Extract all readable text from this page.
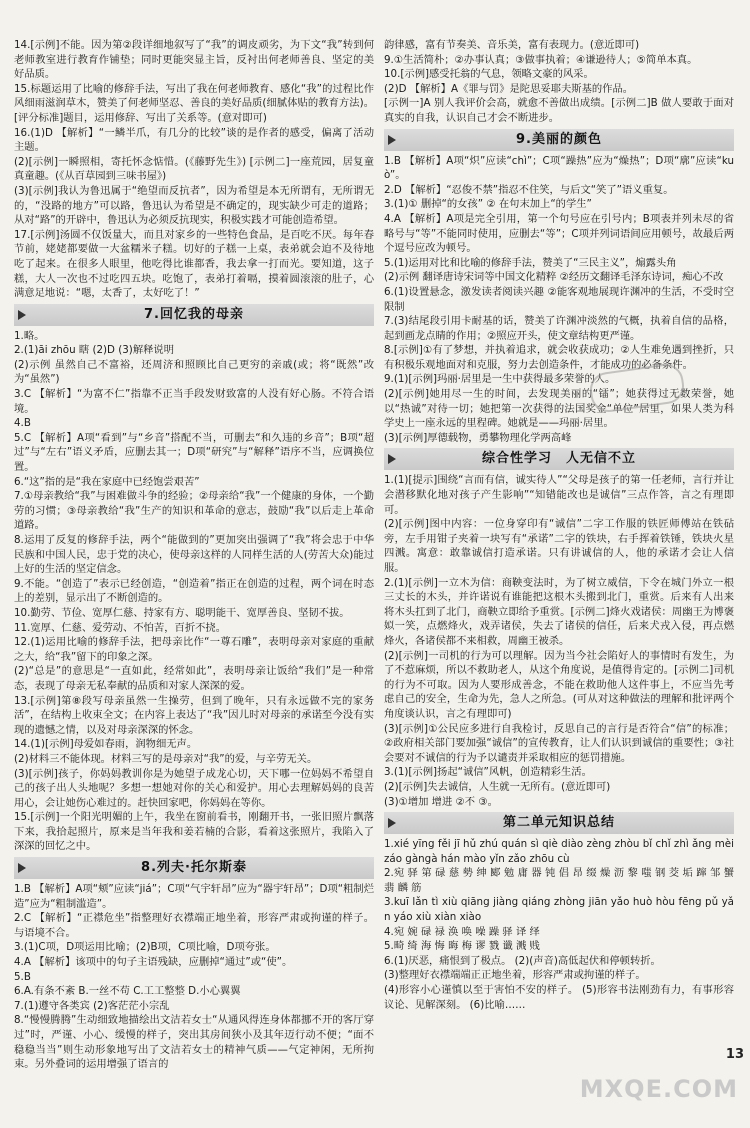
14.[示例]不能。因为第②段详细地叙写了“我”的调皮顽劣，为下文“我”转到何老师教室进行教育作铺垫；同时更能突显主旨，反衬出何老师善良、坚定的美好品质。

15.标题运用了比喻的修辞手法，写出了我在何老师教育、感化“我”的过程比作风细雨滋润草木，赞美了何老师坚忍、善良的美好品质(细腻体贴的教育方法)。[评分标准]题目，运用修辞、写出了关系等。(意对即可)

16.(1)D 【解析】“一鳞半爪，有几分的比较”谈的是作者的感受，偏离了活动主题。

(2)[示例]一瞬照相，寄托怀念惦惜。(《藤野先生》) [示例二]一座荒园，居复童真童趣。(《从百草园到三味书屋》)

(3)[示例]我认为鲁迅属于“绝望而反抗者”，因为希望是本无所谓有，无所谓无的，“没路的地方”可以路，鲁迅认为希望是不确定的，现实缺少可走的道路；从对“路”的开辟中，鲁迅认为必须反抗现实，积极实践才可能创造希望。

17.[示例]汤圆不仅饭量大，而且对家乡的一些特色食品，是百吃不厌。每年春节前，姥姥都要做一大盆糯米子糕。切好的子糕一上桌，表弟就会迫不及待地吃了起来。在很多人眼里，他吃得比谁都香，我去拿一打而光。要知道，这子糕，大人一次也不过吃四五块。吃饱了，表弟打着嗝，摸着圆滚滚的肚子，心满意足地说：“嗯，太香了，太好吃了！”

7.回忆我的母亲

1.略。

2.(1)āi zhōu 瞎 (2)D (3)解释说明

(2)示例 虽然自己不富裕，还周济和照顾比自己更穷的亲戚(或；将“既然”改为“虽然”)

3.C 【解析】“为富不仁”指靠不正当手段发财致富的人没有好心肠。不符合语境。

4.B

5.C 【解析】A项“看到”与“乡音”搭配不当，可删去“和久违的乡音”；B项“超过”与“左右”语义矛盾，应删去其一；D项“研究”与“解释”语序不当，应调换位置。

6.“这”指的是“我在家庭中已经饱尝艰苦”

7.①母亲教给“我”与困难做斗争的经验；②母亲给“我”一个健康的身体，一个勤劳的习惯；③母亲教给“我”生产的知识和革命的意志，鼓励“我”以后走上革命道路。

8.运用了反复的修辞手法，两个“能做到的”更加突出强调了“我”将会忠于中华民族和中国人民，忠于党的决心，使母亲这样的人同样生活的人(劳苦大众)能过上好的生活的坚定信念。

9.不能。“创造了”表示已经创造，“创造着”指正在创造的过程，两个词在时态上的差别，显示出了不断创造的。

10.勤劳、节俭、宽厚仁慈、持家有方、聪明能干、宽厚善良、坚韧不拔。

11.宽厚、仁慈、爱劳动、不怕苦，百折不挠。

12.(1)运用比喻的修辞手法，把母亲比作“一尊石雕”，表明母亲对家庭的重献之大，给“我”留下的印象之深。

(2)“总是”的意思是“一直如此，经常如此”，表明母亲让饭给“我们”是一种常态，表现了母亲无私奉献的品质和对家人深深的爱。

13.[示例]第⑧段写母亲虽然一生操劳，但到了晚年，只有永远做不完的家务活”，在结构上收束全文；在内容上表达了“我”因儿时对母亲的承诺至今没有实现的遗憾之情，以及对母亲深深的怀念。

14.(1)[示例]母爱如春雨，润物细无声。

(2)材料三不能体现。材料三写的是母亲对“我”的爱，与辛劳无关。

(3)[示例]孩子，你妈妈教训你是为她望子成龙心切，天下哪一位妈妈不希望自己的孩子出人头地呢？多想一想她对你的关心和爱护。用心去理解妈妈的良苦用心，会让她伤心难过的。赶快回家吧，你妈妈在等你。

15.[示例]一个阳光明媚的上午，我坐在窗前看书，刚翻开书，一张旧照片飘落下来，我拾起照片，原来是当年我和姜若楠的合影，看着这张照片，我陷入了深深的回忆之中。

8.列夫·托尔斯泰

1.B 【解析】A项“颊”应读“jiá”；C项“气宇轩昂”应为“器宇轩昂”；D项“粗制烂造”应为“粗制滥造”。

2.C 【解析】“正襟危坐”指整理好衣襟端正地坐着，形容严肃或拘谨的样子。与语境不合。

3.(1)C项，D项运用比喻；(2)B项，C项比喻，D项夸张。

4.A 【解析】该项中的句子主语残缺，应删掉“通过”或“使”。

5.B

6.A.有条不紊 B.一丝不苟 C.工工整整 D.小心翼翼

7.(1)遵守各类宾 (2)客茫茫小宗乱

8.“慢慢腾腾”生动细致地描绘出文洁若女士“从通风得连身体都挪不开的客厅穿过”时，严谨、小心、缓慢的样子，突出其房间狭小及其年迈行动不便；“面不稳稳当当”则生动形象地写出了文洁若女士的精神气质——气定神闲，无所拘束。另外叠词的运用增强了语言的

韵律感，富有节奏美、音乐美，富有表现力。(意近即可)

9.①生活简朴；②办事认真；③做事执着；④谦逊待人；⑤简单本真。

10.[示例]感受托翁的气息，领略文豪的风采。

(2)D 【解析】A《罪与罚》是陀思妥耶夫斯基的作品。

[示例一]A 别人我评价会高，就愈不善做出成绩。[示例二]B 做人要敢于面对真实的自我，认识自己才会不断进步。

9.美丽的颜色

1.B 【解析】A项“炽”应读“chì”；C项“躁热”应为“燥热”；D项“廓”应读“kuò”。

2.D 【解析】“忍俊不禁”指忍不住笑，与后文“笑了”语义重复。

3.(1)① 删掉“的女孩” ② 在句末加上“的学生”

4.A 【解析】A项是完全引用，第一个句号应在引号内；B项表并列未尽的省略号与“等”不能同时使用，应删去“等”；C项并列词语间应用顿号，故最后两个逗号应改为顿号。

5.(1)运用对比和比喻的修辞手法，赞美了“三民主义”，煽露头角

(2)示例 翻译唐诗宋词等中国文化精粹 ②经历文翻译毛泽东诗词，痴心不改

6.(1)设置悬念，激发读者阅读兴趣 ②能客观地展现许渊冲的生活，不受时空限制

7.(3)结尾段引用卡耐基的话，赞美了许渊冲淡然的气概，执着自信的品格，起到画龙点睛的作用；②照应开头，使文章结构更严谨。

8.[示例]①有了梦想，并执着追求，就会收获成功；②人生难免遇到挫折，只有积极乐观地面对和克服，努力去创造条件，才能成功的必备条件。

9.(1)[示例]玛丽·居里是一生中获得最多荣誉的人。

(2)[示例]她用尽一生的时间，去发现美丽的“镭”；她获得过无数荣誉，她以“热诚”对待一切；她把第一次获得的法国奖金“单位”居里，如果人类为科学史上一座永远的里程碑。她就是——玛丽·居里。

(3)[示例]厚德载物，勇攀物理化学两高峰

综合性学习　人无信不立

1.(1)[提示]围绕“言而有信，诚实待人”“父母是孩子的第一任老师，言行并让会潜移默化地对孩子产生影响”“知错能改也是诚信”三点作答，言之有理即可。

(2)[示例]图中内容：一位身穿印有“诚信”二字工作服的铁匠师傅站在铁砧旁，左手用钳子夹着一块写有“承诺”二字的铁块，右手挥着铁锤，铁块火星四溅。寓意：敢靠诚信打造承诺。只有讲诚信的人，他的承诺才会让人信服。

2.(1)[示例]一立木为信：商鞅变法时，为了树立威信，下令在城门外立一根三丈长的木头，并许诺说有谁能把这根木头搬到北门，重赏。后来有人出来将木头扛到了北门，商鞅立即给予重赏。[示例二]烽火戏诸侯：周幽王为博褒姒一笑，点燃烽火，戏弄诸侯，失去了诸侯的信任，后来犬戎入侵，再点燃烽火，各诸侯都不来相救，周幽王被杀。

(2)[示例]一司机的行为可以理解。因为当今社会陷好人的事情时有发生，为了不惹麻烦，所以不救助老人，从这个角度说，是值得肯定的。[示例二]司机的行为不可取。因为人要形成善念，不能在救助他人这件事上，不应当先考虑自己的安全，生命为先，急人之所急。(可从对这种做法的理解和批评两个角度谈认识，言之有理即可)

(3)[示例]①公民应多进行自我检讨，反思自己的言行是否符合“信”的标准；②政府相关部门要加强“诚信”的宣传教育，让人们认识到诚信的重要性；③社会要对不诚信的行为予以谴责并采取相应的惩罚措施。

3.(1)[示例]扬起“诚信”风帆，创造精彩生活。

(2)[示例]失去诚信，人生就一无所有。(意近即可)

(3)①增加 增进 ②不 ③。

第二单元知识总结

1.xié yīng fěi jī hǔ zhú quán sì qiè diào zèng zhòu bǐ chǐ zhì ǎng mèi záo gàngà hán mào yǐn zǎo zhōu cù

2.宛 驿 第 碌 慈 勢 绅 郾 勉 庸 器 钝 倡 昂 缀 燥 沥 黎 嗤 钢 茭 垢 蹿 邹 蟹 翡 麟 筋

3.kuī lǎn tì xiù qiāng jiàng qiáng zhòng jiān yǎo huò hòu fēng pǔ yǎn yáo xiù xiàn xiào

4.宛 婉 碌 禄 涣 唤 噪 躁 驿 译 绎

5.畸 绮 海 悔 晦 梅 谬 戮 谶 溅 贱

6.(1)厌恶，痛恨到了极点。 (2)(声音)高低起伏和停顿转折。

(3)整理好衣襟端端正正地坐着，形容严肃或拘谨的样子。

(4)形容小心谨慎以至于害怕不安的样子。 (5)形容书法刚劲有力，有事形容议论、见解深刻。 (6)比喻……

13
MXQE.COM
